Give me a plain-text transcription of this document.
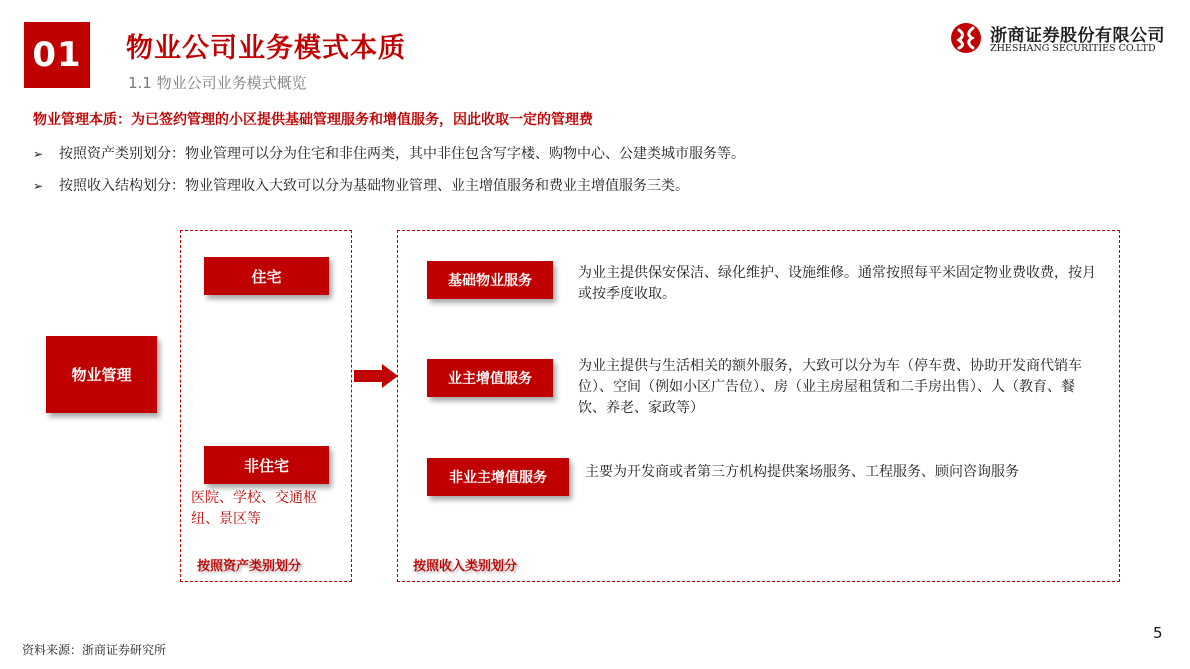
01	物业公司业务模式本质
1.1 物业公司业务模式概览
浙商证券股份有限公司
ZHESHANG SECURITIES CO.LTD
物业管理本质：为已签约管理的小区提供基础管理服务和增值服务，因此收取一定的管理费
➢ 按照资产类别划分：物业管理可以分为住宅和非住两类，其中非住包含写字楼、购物中心、公建类城市服务等。
➢ 按照收入结构划分：物业管理收入大致可以分为基础物业管理、业主增值服务和费业主增值服务三类。
物业管理
住宅
非住宅
医院、学校、交通枢纽、景区等
按照资产类别划分
基础物业服务	为业主提供保安保洁、绿化维护、设施维修。通常按照每平米固定物业费收费，按月或按季度收取。
业主增值服务
为业主提供与生活相关的额外服务，大致可以分为车（停车费、协助开发商代销车位）、空间（例如小区广告位）、房（业主房屋租赁和二手房出售）、人（教育、餐饮、养老、家政等）
非业主增值服务	主要为开发商或者第三方机构提供案场服务、工程服务、顾问咨询服务
按照收入类别划分
资料来源：浙商证券研究所
5
